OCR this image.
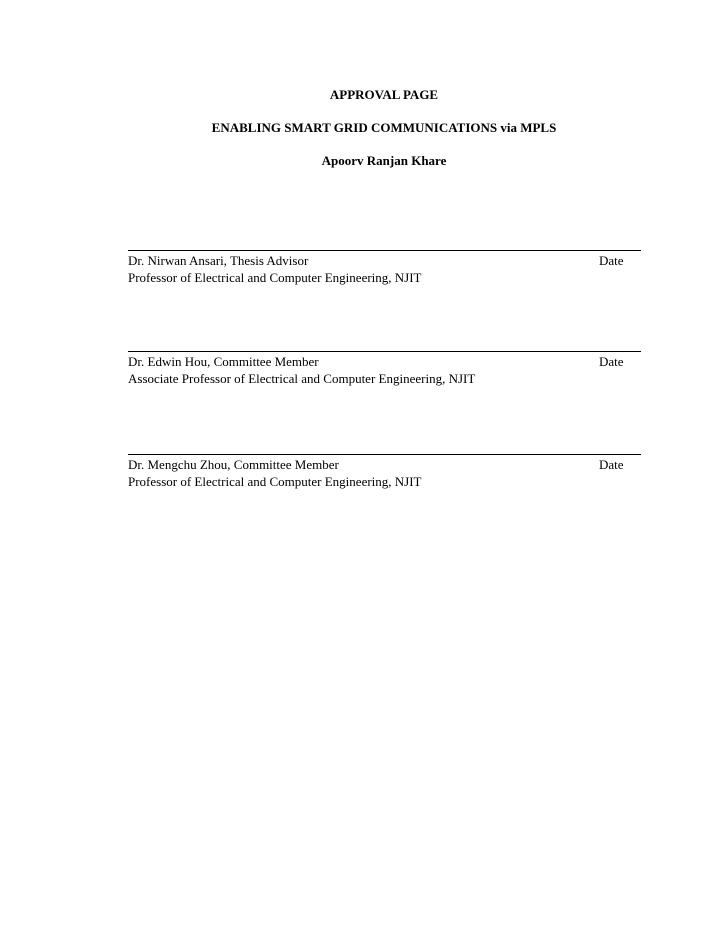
APPROVAL PAGE
ENABLING SMART GRID COMMUNICATIONS via MPLS
Apoorv Ranjan Khare
Dr. Nirwan Ansari, Thesis Advisor	Date
Professor of Electrical and Computer Engineering, NJIT
Dr. Edwin Hou, Committee Member	Date
Associate Professor of Electrical and Computer Engineering, NJIT
Dr. Mengchu Zhou, Committee Member	Date
Professor of Electrical and Computer Engineering, NJIT
